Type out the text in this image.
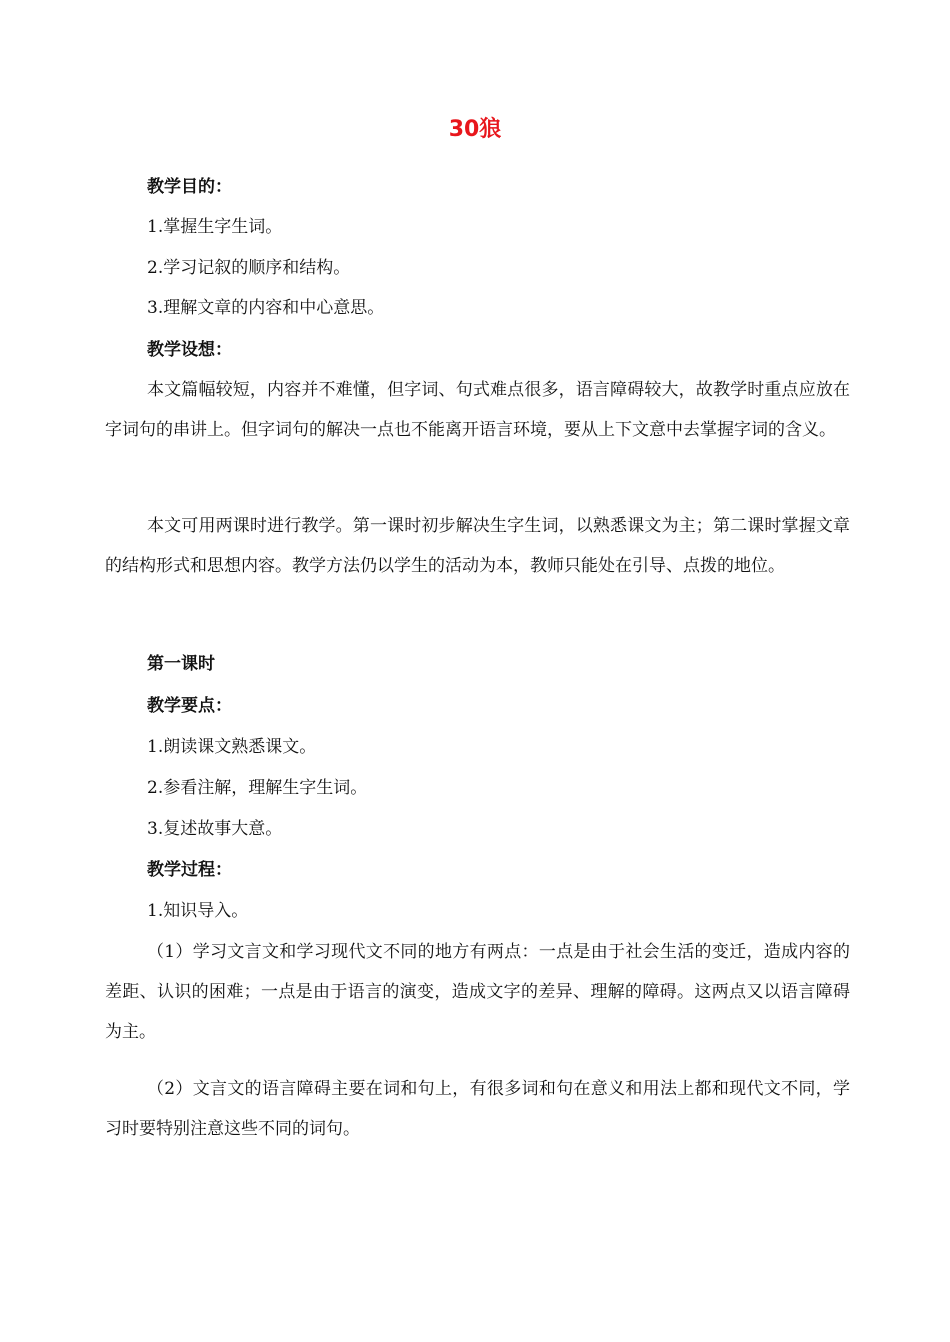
30狼

教学目的：

1.掌握生字生词。

2.学习记叙的顺序和结构。

3.理解文章的内容和中心意思。

教学设想：

本文篇幅较短，内容并不难懂，但字词、句式难点很多，语言障碍较大，故教学时重点应放在字词句的串讲上。但字词句的解决一点也不能离开语言环境，要从上下文意中去掌握字词的含义。

本文可用两课时进行教学。第一课时初步解决生字生词，以熟悉课文为主；第二课时掌握文章的结构形式和思想内容。教学方法仍以学生的活动为本，教师只能处在引导、点拨的地位。

第一课时

教学要点：

1.朗读课文熟悉课文。

2.参看注解，理解生字生词。

3.复述故事大意。

教学过程：

1.知识导入。

（1）学习文言文和学习现代文不同的地方有两点：一点是由于社会生活的变迁，造成内容的差距、认识的困难；一点是由于语言的演变，造成文字的差异、理解的障碍。这两点又以语言障碍为主。

（2）文言文的语言障碍主要在词和句上，有很多词和句在意义和用法上都和现代文不同，学习时要特别注意这些不同的词句。
